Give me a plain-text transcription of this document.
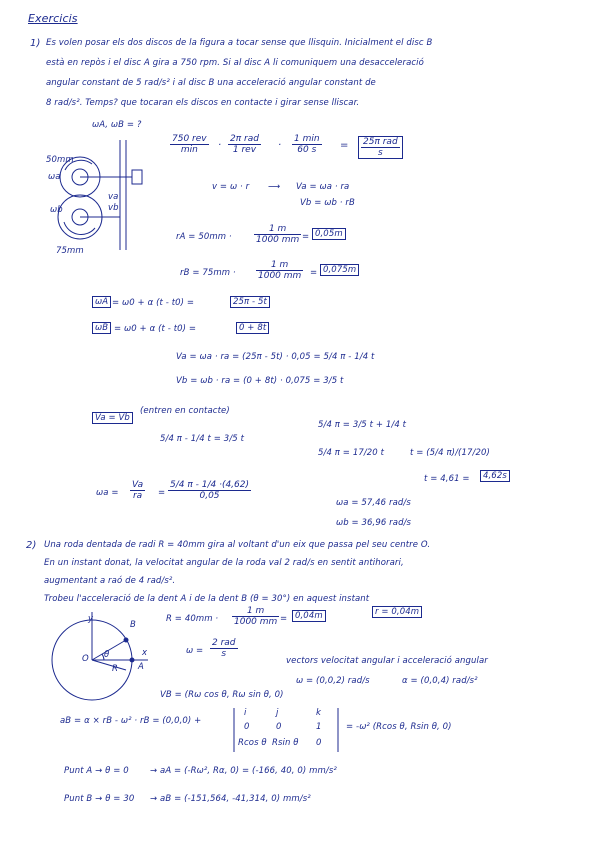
Exercicis
1) Es volen posar els dos discos de la figura a tocar sense que llisquin. Inicialment el disc B
està en repòs i el disc A gira a 750 rpm. Si al disc A li comuniquem una desacceleració
angular constant de 5 rad/s² i al disc B una acceleració angular constant de
8 rad/s². Temps? que tocaran els discos en contacte i girar sense lliscar.
ωA, ωB = ?
50mm
ωa
ωb
va
vb
75mm
750 rev
min	·
2π rad
1 rev	·
1 min
60 s	= 25π rad
s
v = ω · r ⟶ Va = ωa · ra
Vb = ωb · rB
rA = $50mm \cdot \frac{1 m}{1000 mm} = 0,05m$
rB = $75mm \cdot \frac{1 m}{1000 mm} = 0,075m$
ωA = ω0 + α (t - t0) =	25π - 5t
ωB = ω0 + α (t - t0) =	0 + 8t
Va = ωa · ra = (25π - 5t) · 0,05 = 5/4 π - 1/4 t
Vb = ωb · ra = (0 + 8t) · 0,075 = 3/5 t
Va = Vb
(entren en contacte)
5/4 π - 1/4 t = 3/5 t
5/4 π = 3/5 t + 1/4 t
5/4 π = 17/20 t	t = (5/4 π)/(17/20)
t = 4,61 =	4,62s
$\omega a = \frac{Va}{ra} = \frac{5/4 \pi - 1/4 \cdot(4,62)}{0,05}$
ωa = 57,46 rad/s
ωb = 36,96 rad/s
2) Una roda dentada de radi R = 40mm gira al voltant d'un eix que passa pel seu centre O.
En un instant donat, la velocitat angular de la roda val 2 rad/s en sentit antihorari,
augmentant a raó de 4 rad/s².
Trobeu l'acceleració de la dent A i de la dent B (θ = 30°) en aquest instant
y
B
O θ
R A
x
$R = 40mm \cdot \frac{1 m}{1000 mm} = 0,04m$	r = 0,04m
ω =
2 rad
s
vectors velocitat angular i acceleració angular
ω = (0,0,2) rad/s	α = (0,0,4) rad/s²
VB = (Rω cos θ, Rω sin θ, 0)
aB = α × rB - ω² · rB = (0,0,0) +
i	j	k
0	0	1
Rcos θ Rsin θ 0
= -ω² (Rcos θ, Rsin θ, 0)
Punt A → θ = 0 → aA = (-Rω², Rα, 0) = (-166, 40, 0) mm/s²
Punt B → θ = 30 → aB = (-151,564, -41,314, 0) mm/s²
